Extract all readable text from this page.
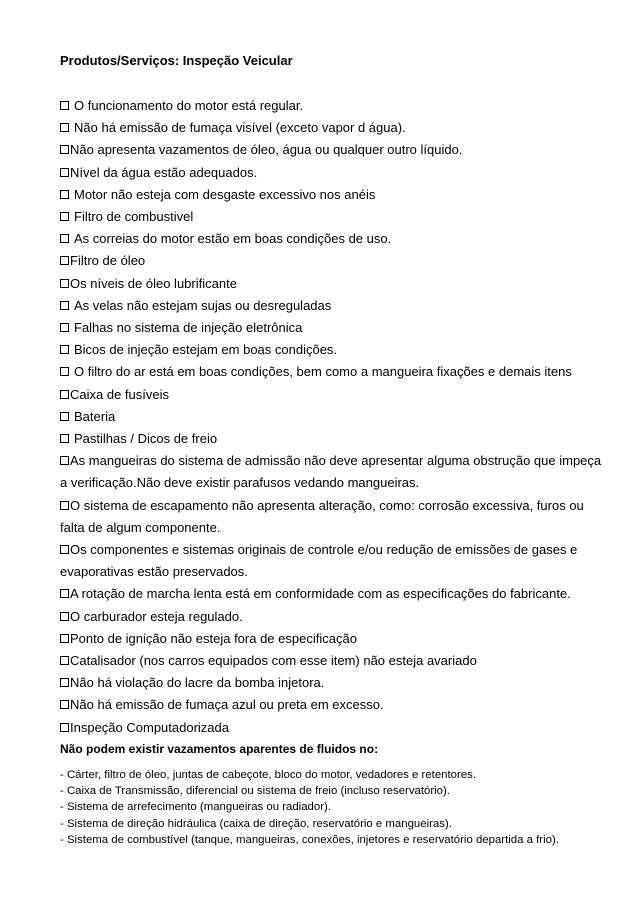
Produtos/Serviços: Inspeção Veicular
O funcionamento do motor está regular.
Não há emissão de fumaça visível (exceto vapor d água).
Não apresenta vazamentos de óleo, água ou qualquer outro líquido.
Nível da água estão adequados.
Motor não esteja com desgaste excessivo nos anéis
Filtro de combustivel
As correias do motor estão em boas condições de uso.
Filtro de óleo
Os níveis de óleo lubrificante
As velas não estejam sujas ou desreguladas
Falhas no sistema de injeção eletrônica
Bicos de injeção estejam em boas condições.
O filtro do ar está em boas condições, bem como a mangueira fixações e demais itens
Caixa de fusíveis
Bateria
Pastilhas / Dicos de freio
As mangueiras do sistema de admissão não deve apresentar alguma obstrução que impeça a verificação.Não deve existir parafusos vedando mangueiras.
O sistema de escapamento não apresenta alteração, como: corrosão excessiva, furos ou falta de algum componente.
Os componentes e sistemas originais de controle e/ou redução de emissões de gases e evaporativas estão preservados.
A rotação de marcha lenta está em conformidade com as especificações do fabricante.
O carburador esteja regulado.
Ponto de ignição não esteja fora de especificação
Catalisador (nos carros equipados com esse item) não esteja avariado
Não há violação do lacre da bomba injetora.
Não há emissão de fumaça azul ou preta em excesso.
Inspeção Computadorizada
Não podem existir vazamentos aparentes de fluidos no:
- Cárter, filtro de óleo, juntas de cabeçote, bloco do motor, vedadores e retentores.
- Caixa de Transmissão, diferencial ou sistema de freio (incluso reservatório).
- Sistema de arrefecimento (mangueiras ou radiador).
- Sistema de direção hidráulica (caixa de direção, reservatório e mangueiras).
- Sistema de combustível (tanque, mangueiras, conexões, injetores e reservatório departida a frio).
